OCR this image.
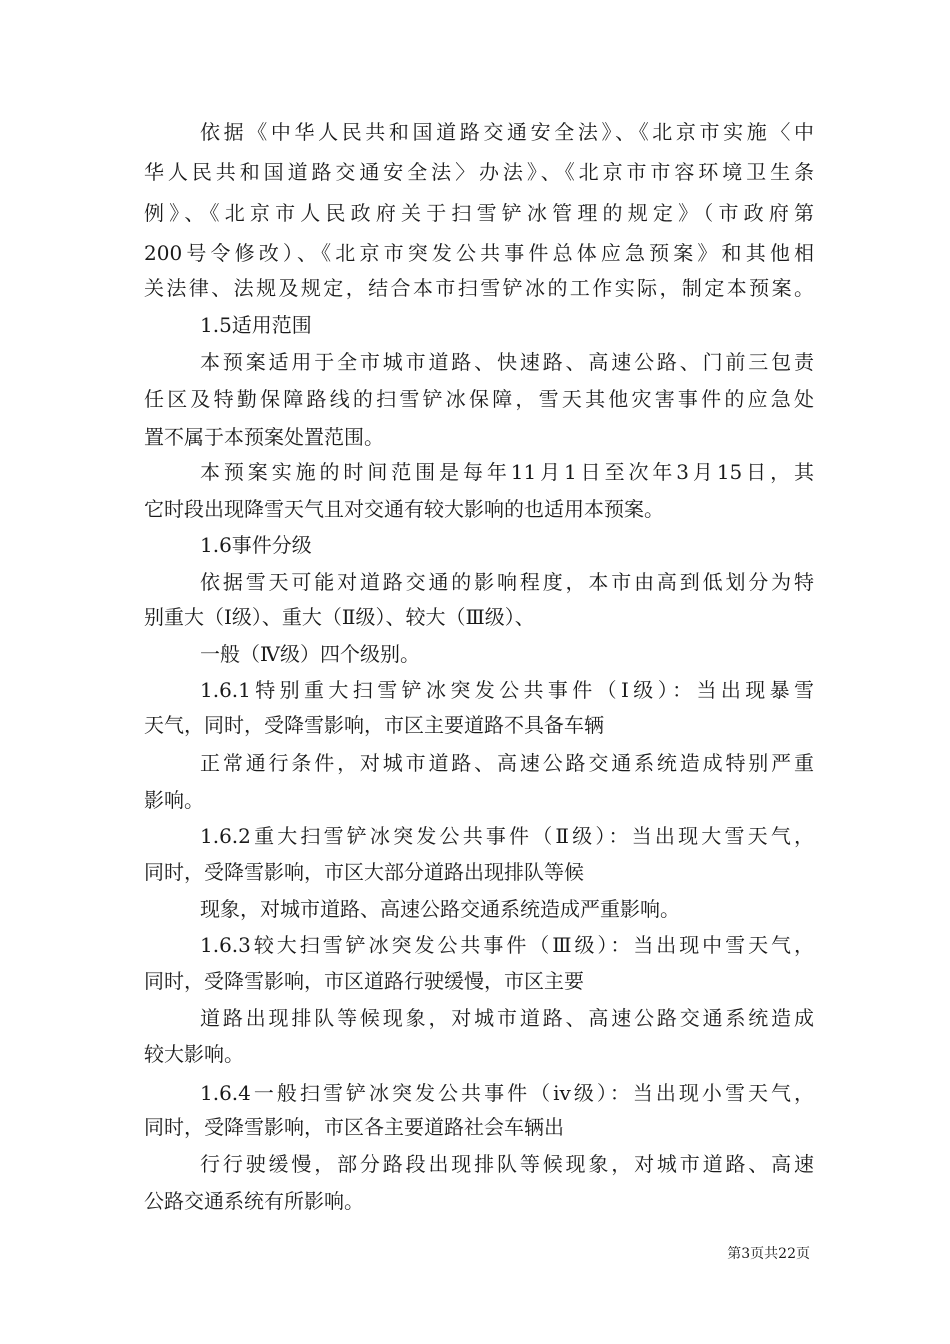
依据《中华人民共和国道路交通安全法》、《北京市实施〈中
华人民共和国道路交通安全法〉办法》、《北京市市容环境卫生条
例》、《北京市人民政府关于扫雪铲冰管理的规定》（市政府第
200号令修改）、《北京市突发公共事件总体应急预案》和其他相
关法律、法规及规定，结合本市扫雪铲冰的工作实际，制定本预案。
1.5适用范围
本预案适用于全市城市道路、快速路、高速公路、门前三包责
任区及特勤保障路线的扫雪铲冰保障，雪天其他灾害事件的应急处
置不属于本预案处置范围。
本预案实施的时间范围是每年11月1日至次年3月15日，其
它时段出现降雪天气且对交通有较大影响的也适用本预案。
1.6事件分级
依据雪天可能对道路交通的影响程度，本市由高到低划分为特
别重大（Ⅰ级）、重大（Ⅱ级）、较大（Ⅲ级）、
一般（Ⅳ级）四个级别。
1.6.1特别重大扫雪铲冰突发公共事件（Ⅰ级）：当出现暴雪
天气，同时，受降雪影响，市区主要道路不具备车辆
正常通行条件，对城市道路、高速公路交通系统造成特别严重
影响。
1.6.2重大扫雪铲冰突发公共事件（Ⅱ级）：当出现大雪天气，
同时，受降雪影响，市区大部分道路出现排队等候
现象，对城市道路、高速公路交通系统造成严重影响。
1.6.3较大扫雪铲冰突发公共事件（Ⅲ级）：当出现中雪天气，
同时，受降雪影响，市区道路行驶缓慢，市区主要
道路出现排队等候现象，对城市道路、高速公路交通系统造成
较大影响。
1.6.4一般扫雪铲冰突发公共事件（ⅳ级）：当出现小雪天气，
同时，受降雪影响，市区各主要道路社会车辆出
行行驶缓慢，部分路段出现排队等候现象，对城市道路、高速
公路交通系统有所影响。
第3页共22页
